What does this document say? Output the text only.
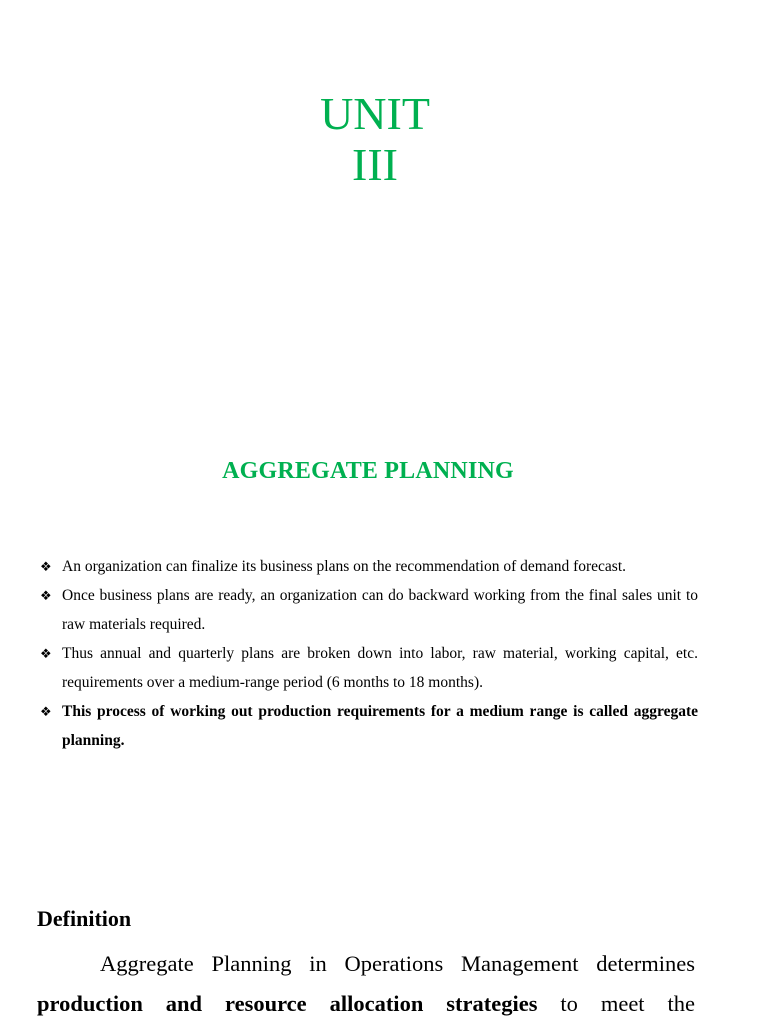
UNIT
III
AGGREGATE PLANNING
❖ An organization can finalize its business plans on the recommendation of demand forecast.
❖ Once business plans are ready, an organization can do backward working from the final sales unit to raw materials required.
❖ Thus annual and quarterly plans are broken down into labor, raw material, working capital, etc. requirements over a medium-range period (6 months to 18 months).
❖ This process of working out production requirements for a medium range is called aggregate planning.
Definition

Aggregate Planning in Operations Management determines production and resource allocation strategies to meet the
